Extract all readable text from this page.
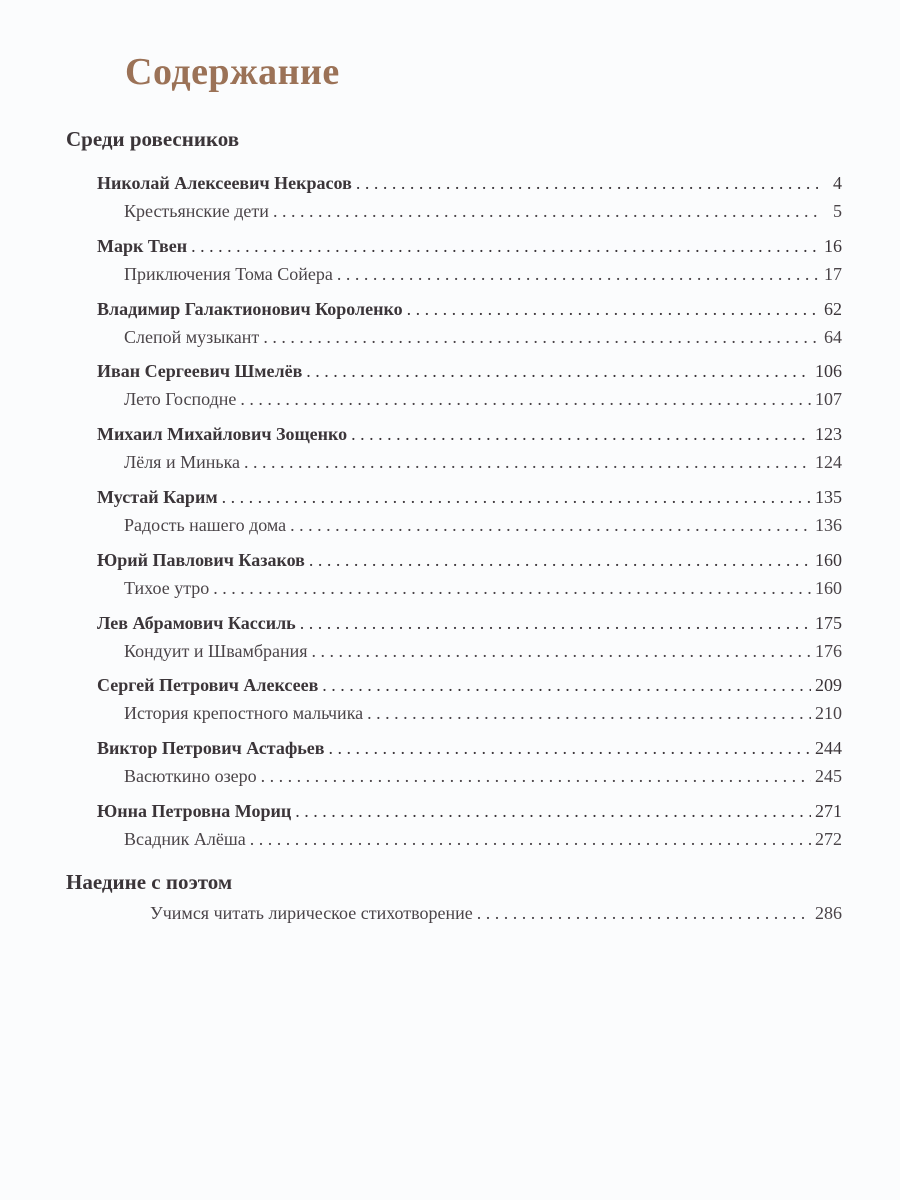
Содержание
Среди ровесников
Николай Алексеевич Некрасов . . .	4
Крестьянские дети . . .	5
Марк Твен . . .	16
Приключения Тома Сойера . . .	17
Владимир Галактионович Короленко . . .	62
Слепой музыкант . . .	64
Иван Сергеевич Шмелёв . . .	106
Лето Господне . . .	107
Михаил Михайлович Зощенко . . .	123
Лёля и Минька . . .	124
Мустай Карим . . .	135
Радость нашего дома . . .	136
Юрий Павлович Казаков . . .	160
Тихое утро . . .	160
Лев Абрамович Кассиль . . .	175
Кондуит и Швамбрания . . .	176
Сергей Петрович Алексеев . . .	209
История крепостного мальчика . . .	210
Виктор Петрович Астафьев . . .	244
Васюткино озеро . . .	245
Юнна Петровна Мориц . . .	271
Всадник Алёша . . .	272
Наедине с поэтом
Учимся читать лирическое стихотворение . . .	286
